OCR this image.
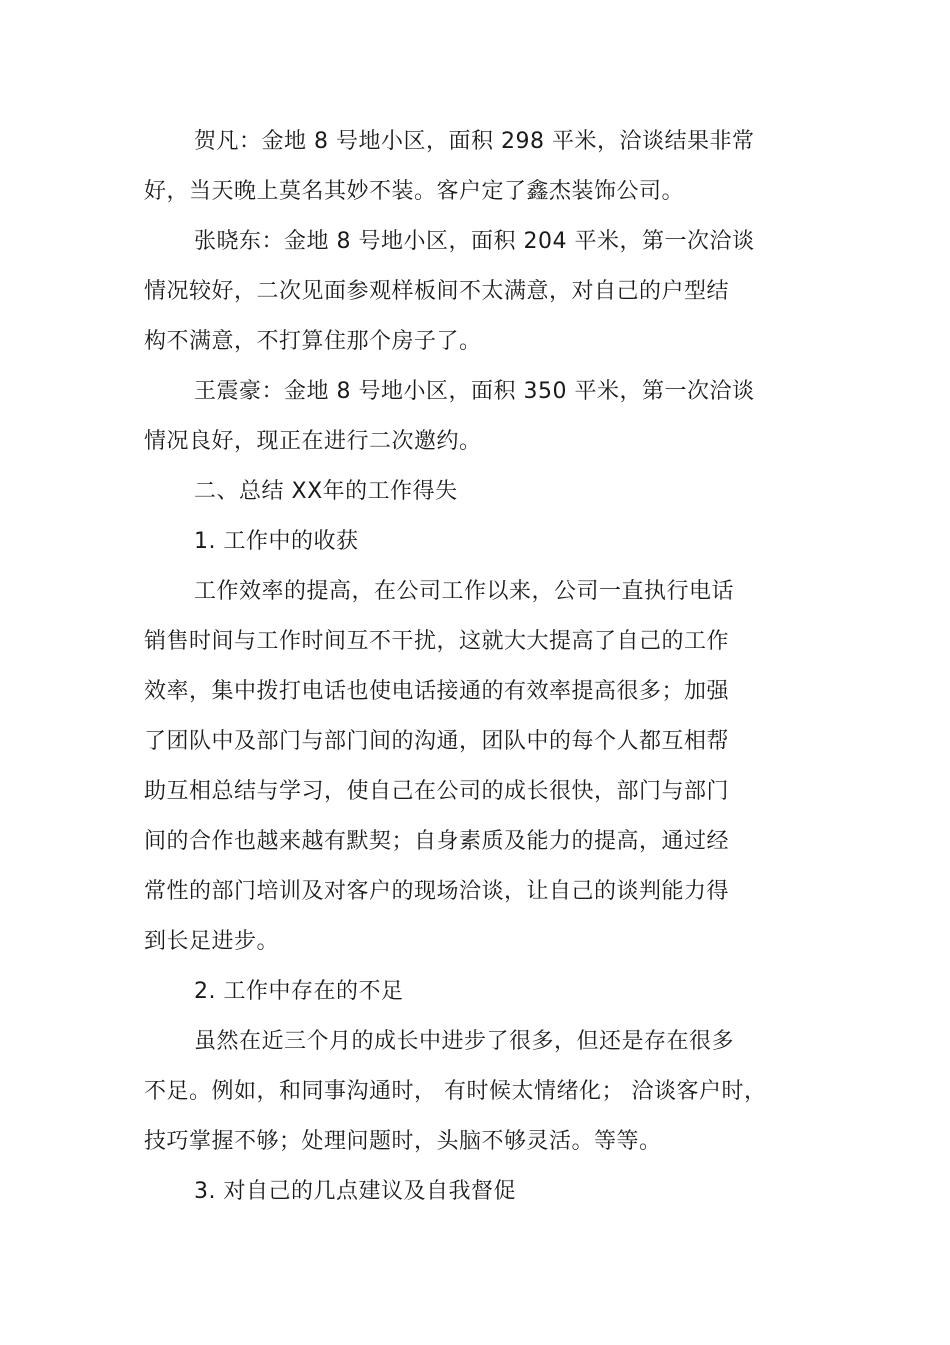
贺凡：金地 8 号地小区，面积 298 平米，洽谈结果非常
好，当天晚上莫名其妙不装。客户定了鑫杰装饰公司。
张晓东：金地 8 号地小区，面积 204 平米，第一次洽谈
情况较好，二次见面参观样板间不太满意，对自己的户型结
构不满意，不打算住那个房子了。
王震豪：金地 8 号地小区，面积 350 平米，第一次洽谈
情况良好，现正在进行二次邀约。
二、总结 XX年的工作得失
1. 工作中的收获
工作效率的提高，在公司工作以来，公司一直执行电话
销售时间与工作时间互不干扰，这就大大提高了自己的工作
效率，集中拨打电话也使电话接通的有效率提高很多；加强
了团队中及部门与部门间的沟通，团队中的每个人都互相帮
助互相总结与学习，使自己在公司的成长很快，部门与部门
间的合作也越来越有默契；自身素质及能力的提高，通过经
常性的部门培训及对客户的现场洽谈，让自己的谈判能力得
到长足进步。
2. 工作中存在的不足
虽然在近三个月的成长中进步了很多，但还是存在很多
不足。例如，和同事沟通时， 有时候太情绪化； 洽谈客户时，
技巧掌握不够；处理问题时，头脑不够灵活。等等。
3. 对自己的几点建议及自我督促
